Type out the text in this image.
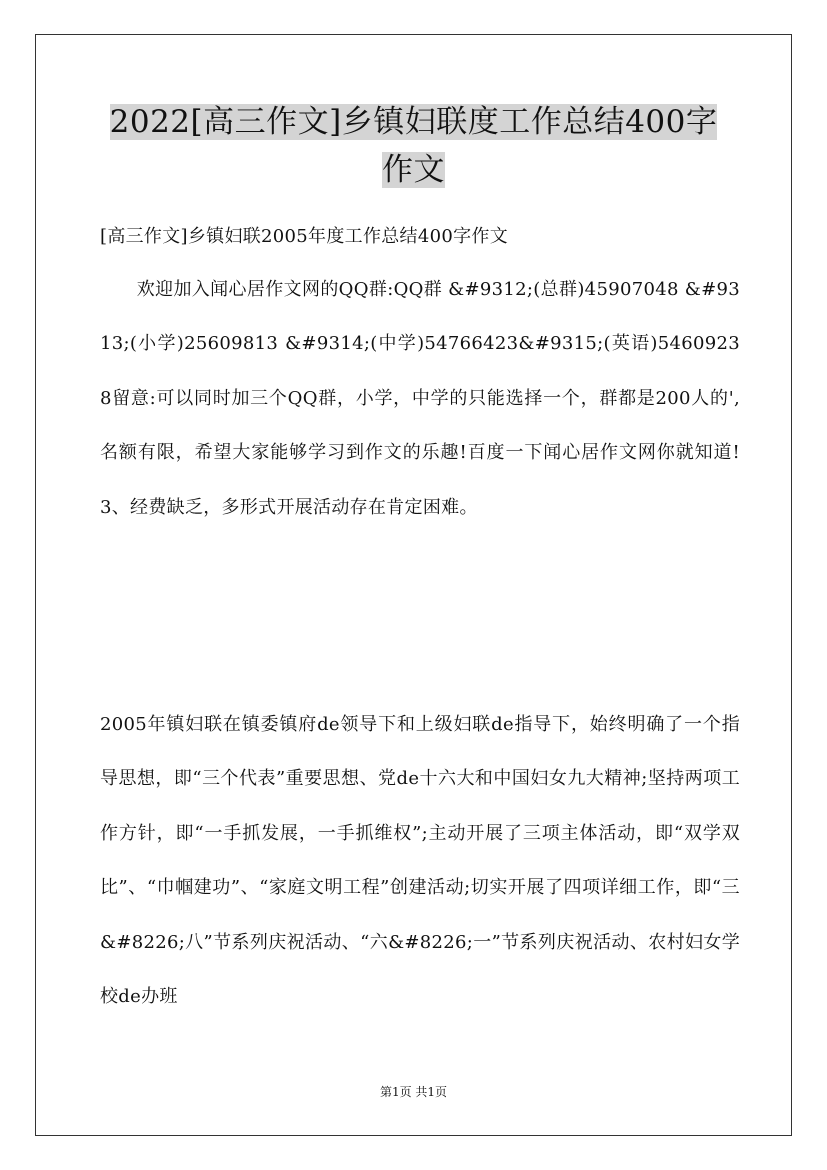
2022[高三作文]乡镇妇联度工作总结400字作文
[高三作文]乡镇妇联2005年度工作总结400字作文
　　欢迎加入闻心居作文网的QQ群:QQ群 &#9312;(总群)45907048 &#9313;(小学)25609813 &#9314;(中学)54766423&#9315;(英语)54609238留意:可以同时加三个QQ群，小学，中学的只能选择一个，群都是200人的',名额有限，希望大家能够学习到作文的乐趣!百度一下闻心居作文网你就知道!3、经费缺乏，多形式开展活动存在肯定困难。
2005年镇妇联在镇委镇府de领导下和上级妇联de指导下，始终明确了一个指导思想，即“三个代表”重要思想、党de十六大和中国妇女九大精神;坚持两项工作方针，即“一手抓发展，一手抓维权”;主动开展了三项主体活动，即“双学双比”、“巾帼建功”、“家庭文明工程”创建活动;切实开展了四项详细工作，即“三&#8226;八”节系列庆祝活动、“六&#8226;一”节系列庆祝活动、农村妇女学校de办班
第1页 共1页
